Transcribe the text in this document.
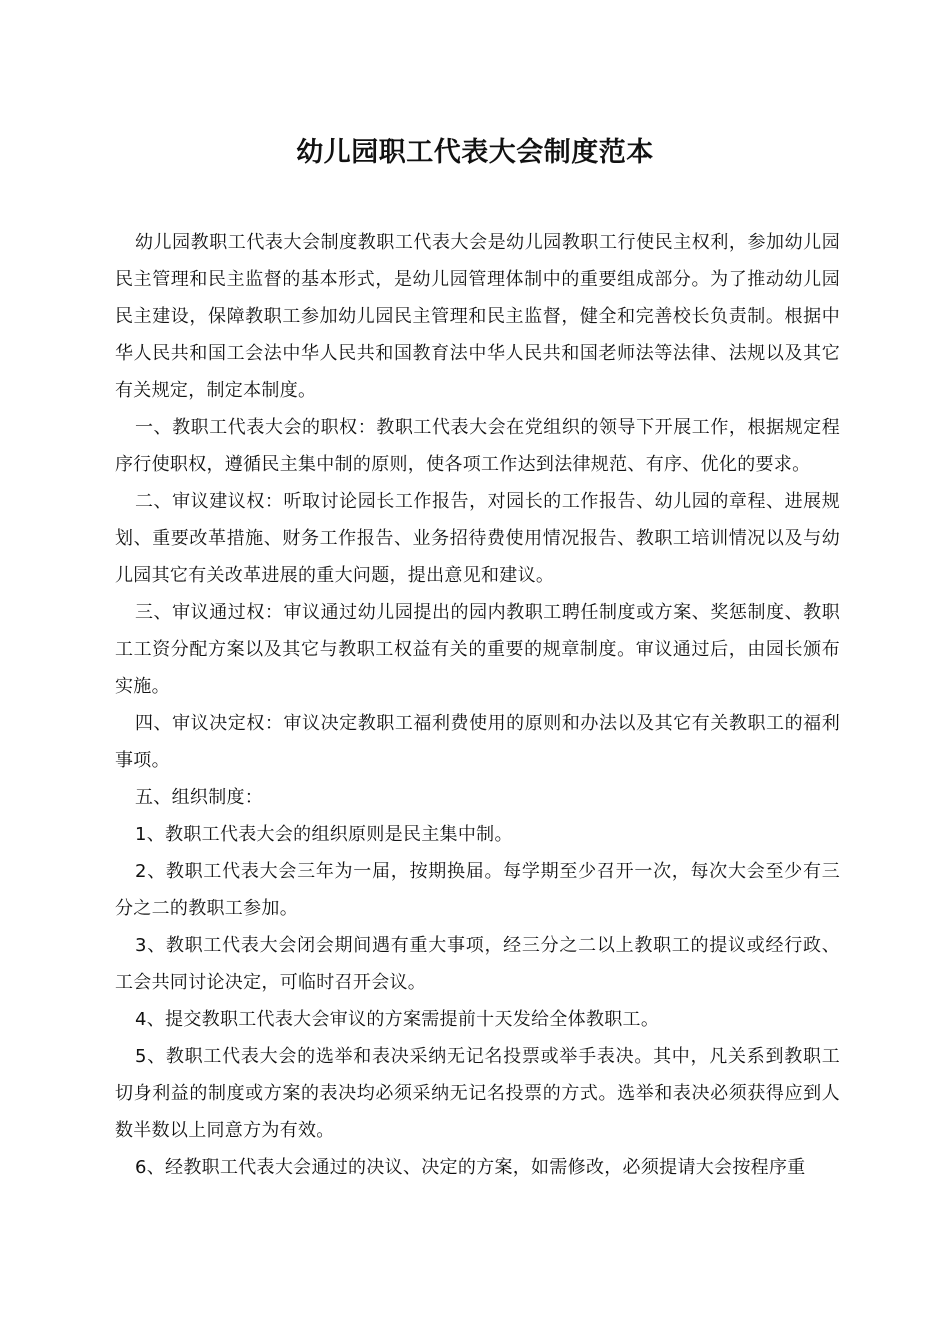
幼儿园职工代表大会制度范本

幼儿园教职工代表大会制度教职工代表大会是幼儿园教职工行使民主权利，参加幼儿园民主管理和民主监督的基本形式，是幼儿园管理体制中的重要组成部分。为了推动幼儿园民主建设，保障教职工参加幼儿园民主管理和民主监督，健全和完善校长负责制。根据中华人民共和国工会法中华人民共和国教育法中华人民共和国老师法等法律、法规以及其它有关规定，制定本制度。

一、教职工代表大会的职权：教职工代表大会在党组织的领导下开展工作，根据规定程序行使职权，遵循民主集中制的原则，使各项工作达到法律规范、有序、优化的要求。

二、审议建议权：听取讨论园长工作报告，对园长的工作报告、幼儿园的章程、进展规划、重要改革措施、财务工作报告、业务招待费使用情况报告、教职工培训情况以及与幼儿园其它有关改革进展的重大问题，提出意见和建议。

三、审议通过权：审议通过幼儿园提出的园内教职工聘任制度或方案、奖惩制度、教职工工资分配方案以及其它与教职工权益有关的重要的规章制度。审议通过后，由园长颁布实施。

四、审议决定权：审议决定教职工福利费使用的原则和办法以及其它有关教职工的福利事项。

五、组织制度：

1、教职工代表大会的组织原则是民主集中制。

2、教职工代表大会三年为一届，按期换届。每学期至少召开一次，每次大会至少有三分之二的教职工参加。

3、教职工代表大会闭会期间遇有重大事项，经三分之二以上教职工的提议或经行政、工会共同讨论决定，可临时召开会议。

4、提交教职工代表大会审议的方案需提前十天发给全体教职工。

5、教职工代表大会的选举和表决采纳无记名投票或举手表决。其中，凡关系到教职工切身利益的制度或方案的表决均必须采纳无记名投票的方式。选举和表决必须获得应到人数半数以上同意方为有效。

6、经教职工代表大会通过的决议、决定的方案，如需修改，必须提请大会按程序重
